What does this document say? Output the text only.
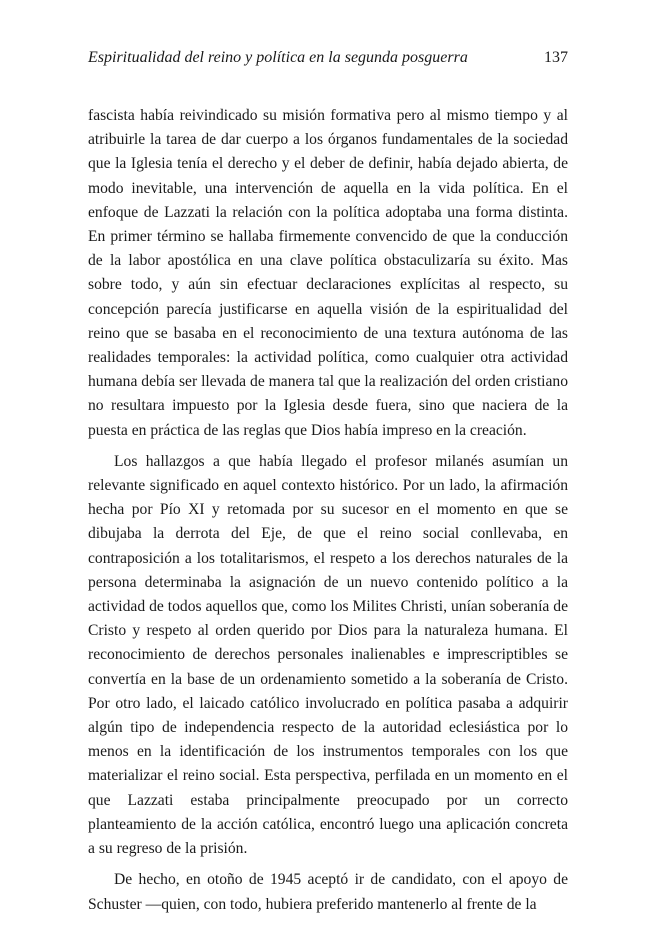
Espiritualidad del reino y política en la segunda posguerra	137

fascista había reivindicado su misión formativa pero al mismo tiempo y al atribuirle la tarea de dar cuerpo a los órganos fundamentales de la sociedad que la Iglesia tenía el derecho y el deber de definir, había dejado abierta, de modo inevitable, una intervención de aquella en la vida política. En el enfoque de Lazzati la relación con la política adoptaba una forma distinta. En primer término se hallaba firmemente convencido de que la conducción de la labor apostólica en una clave política obstaculizaría su éxito. Mas sobre todo, y aún sin efectuar declaraciones explícitas al respecto, su concepción parecía justificarse en aquella visión de la espiritualidad del reino que se basaba en el reconocimiento de una textura autónoma de las realidades temporales: la actividad política, como cualquier otra actividad humana debía ser llevada de manera tal que la realización del orden cristiano no resultara impuesto por la Iglesia desde fuera, sino que naciera de la puesta en práctica de las reglas que Dios había impreso en la creación.

Los hallazgos a que había llegado el profesor milanés asumían un relevante significado en aquel contexto histórico. Por un lado, la afirmación hecha por Pío XI y retomada por su sucesor en el momento en que se dibujaba la derrota del Eje, de que el reino social conllevaba, en contraposición a los totalitarismos, el respeto a los derechos naturales de la persona determinaba la asignación de un nuevo contenido político a la actividad de todos aquellos que, como los Milites Christi, unían soberanía de Cristo y respeto al orden querido por Dios para la naturaleza humana. El reconocimiento de derechos personales inalienables e imprescriptibles se convertía en la base de un ordenamiento sometido a la soberanía de Cristo. Por otro lado, el laicado católico involucrado en política pasaba a adquirir algún tipo de independencia respecto de la autoridad eclesiástica por lo menos en la identificación de los instrumentos temporales con los que materializar el reino social. Esta perspectiva, perfilada en un momento en el que Lazzati estaba principalmente preocupado por un correcto planteamiento de la acción católica, encontró luego una aplicación concreta a su regreso de la prisión.

De hecho, en otoño de 1945 aceptó ir de candidato, con el apoyo de Schuster —quien, con todo, hubiera preferido mantenerlo al frente de la
